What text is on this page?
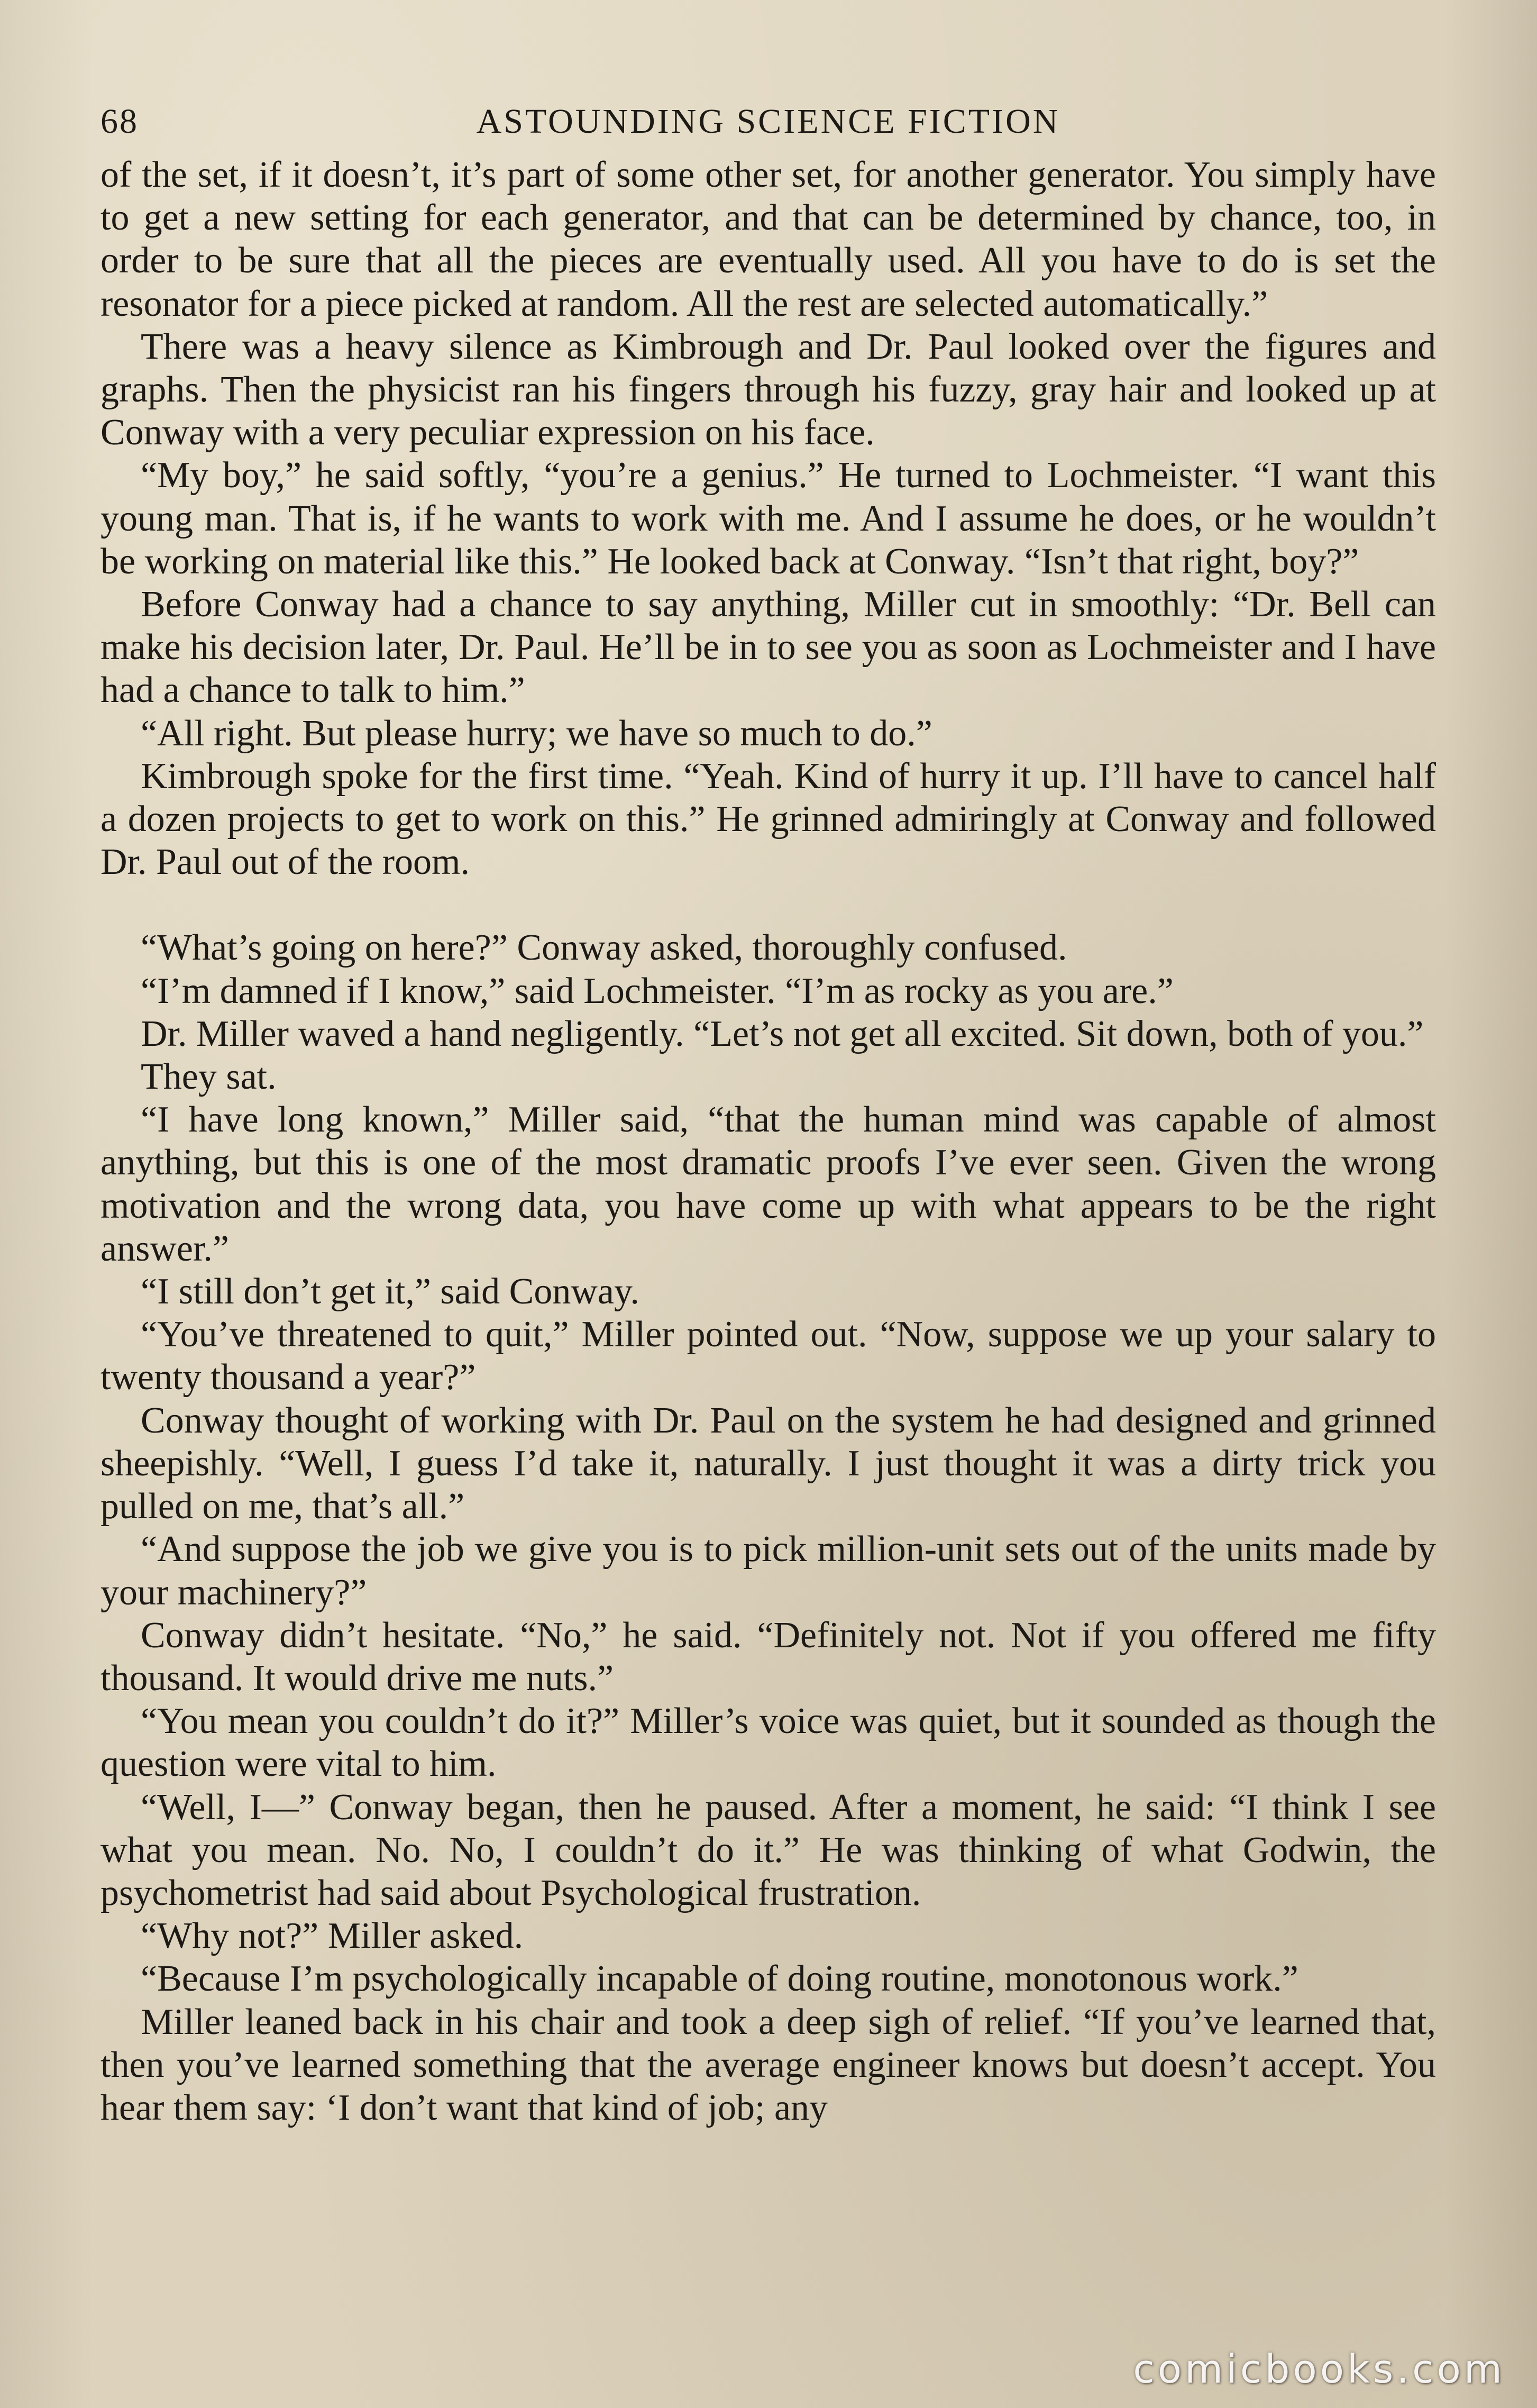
68	ASTOUNDING SCIENCE FICTION

of the set, if it doesn’t, it’s part of some other set, for another generator. You simply have to get a new setting for each generator, and that can be determined by chance, too, in order to be sure that all the pieces are eventually used. All you have to do is set the resonator for a piece picked at random. All the rest are selected automatically.”

There was a heavy silence as Kimbrough and Dr. Paul looked over the figures and graphs. Then the physicist ran his fingers through his fuzzy, gray hair and looked up at Conway with a very peculiar expression on his face.

“My boy,” he said softly, “you’re a genius.” He turned to Lochmeister. “I want this young man. That is, if he wants to work with me. And I assume he does, or he wouldn’t be working on material like this.” He looked back at Conway. “Isn’t that right, boy?”

Before Conway had a chance to say anything, Miller cut in smoothly: “Dr. Bell can make his decision later, Dr. Paul. He’ll be in to see you as soon as Lochmeister and I have had a chance to talk to him.”

“All right. But please hurry; we have so much to do.”

Kimbrough spoke for the first time. “Yeah. Kind of hurry it up. I’ll have to cancel half a dozen projects to get to work on this.” He grinned admiringly at Conway and followed Dr. Paul out of the room.

“What’s going on here?” Conway asked, thoroughly confused.

“I’m damned if I know,” said Lochmeister. “I’m as rocky as you are.”

Dr. Miller waved a hand negligently. “Let’s not get all excited. Sit down, both of you.”

They sat.

“I have long known,” Miller said, “that the human mind was capable of almost anything, but this is one of the most dramatic proofs I’ve ever seen. Given the wrong motivation and the wrong data, you have come up with what appears to be the right answer.”

“I still don’t get it,” said Conway.

“You’ve threatened to quit,” Miller pointed out. “Now, suppose we up your salary to twenty thousand a year?”

Conway thought of working with Dr. Paul on the system he had designed and grinned sheepishly. “Well, I guess I’d take it, naturally. I just thought it was a dirty trick you pulled on me, that’s all.”

“And suppose the job we give you is to pick million-unit sets out of the units made by your machinery?”

Conway didn’t hesitate. “No,” he said. “Definitely not. Not if you offered me fifty thousand. It would drive me nuts.”

“You mean you couldn’t do it?” Miller’s voice was quiet, but it sounded as though the question were vital to him.

“Well, I—” Conway began, then he paused. After a moment, he said: “I think I see what you mean. No. No, I couldn’t do it.” He was thinking of what Godwin, the psychometrist had said about Psychological frustration.

“Why not?” Miller asked.

“Because I’m psychologically incapable of doing routine, monotonous work.”

Miller leaned back in his chair and took a deep sigh of relief. “If you’ve learned that, then you’ve learned something that the average engineer knows but doesn’t accept. You hear them say: ‘I don’t want that kind of job; any

comicbooks.com
